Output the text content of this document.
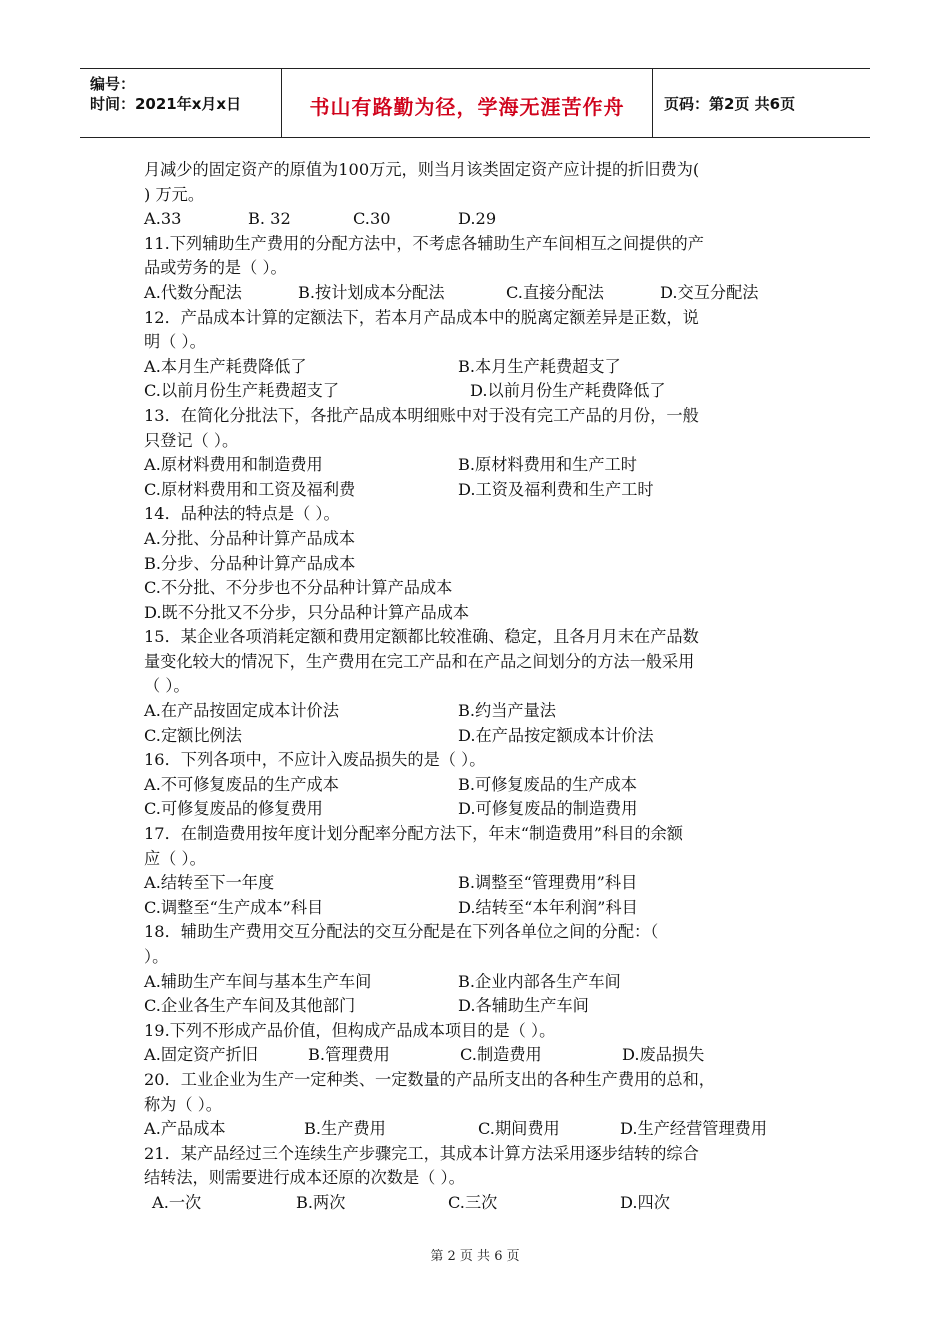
编号：
时间：2021年x月x日	书山有路勤为径，学海无涯苦作舟	页码：第2页 共6页
月减少的固定资产的原值为100万元，则当月该类固定资产应计提的折旧费为(
) 万元。
A.33	B. 32	C.30	D.29
11.下列辅助生产费用的分配方法中，不考虑各辅助生产车间相互之间提供的产
品或劳务的是（ ）。
A.代数分配法	B.按计划成本分配法	C.直接分配法	D.交互分配法
12．产品成本计算的定额法下，若本月产品成本中的脱离定额差异是正数，说
明（ ）。
A.本月生产耗费降低了	B.本月生产耗费超支了
C.以前月份生产耗费超支了	D.以前月份生产耗费降低了
13．在简化分批法下，各批产品成本明细账中对于没有完工产品的月份，一般
只登记（ ）。
A.原材料费用和制造费用	B.原材料费用和生产工时
C.原材料费用和工资及福利费	D.工资及福利费和生产工时
14．品种法的特点是（ ）。
A.分批、分品种计算产品成本
B.分步、分品种计算产品成本
C.不分批、不分步也不分品种计算产品成本
D.既不分批又不分步，只分品种计算产品成本
15．某企业各项消耗定额和费用定额都比较准确、稳定，且各月月末在产品数
量变化较大的情况下，生产费用在完工产品和在产品之间划分的方法一般采用
（ ）。
A.在产品按固定成本计价法	B.约当产量法
C.定额比例法	D.在产品按定额成本计价法
16．下列各项中，不应计入废品损失的是（ ）。
A.不可修复废品的生产成本	B.可修复废品的生产成本
C.可修复废品的修复费用	D.可修复废品的制造费用
17．在制造费用按年度计划分配率分配方法下，年末“制造费用”科目的余额
应（ ）。
A.结转至下一年度	B.调整至“管理费用”科目
C.调整至“生产成本”科目	D.结转至“本年利润”科目
18．辅助生产费用交互分配法的交互分配是在下列各单位之间的分配：（
）。
A.辅助生产车间与基本生产车间	B.企业内部各生产车间
C.企业各生产车间及其他部门	D.各辅助生产车间
19.下列不形成产品价值，但构成产品成本项目的是（ ）。
A.固定资产折旧	B.管理费用	C.制造费用	D.废品损失
20．工业企业为生产一定种类、一定数量的产品所支出的各种生产费用的总和，
称为（ ）。
A.产品成本	B.生产费用	C.期间费用	D.生产经营管理费用
21．某产品经过三个连续生产步骤完工，其成本计算方法采用逐步结转的综合
结转法，则需要进行成本还原的次数是（ ）。
A.一次	B.两次	C.三次	D.四次
第 2 页 共 6 页
